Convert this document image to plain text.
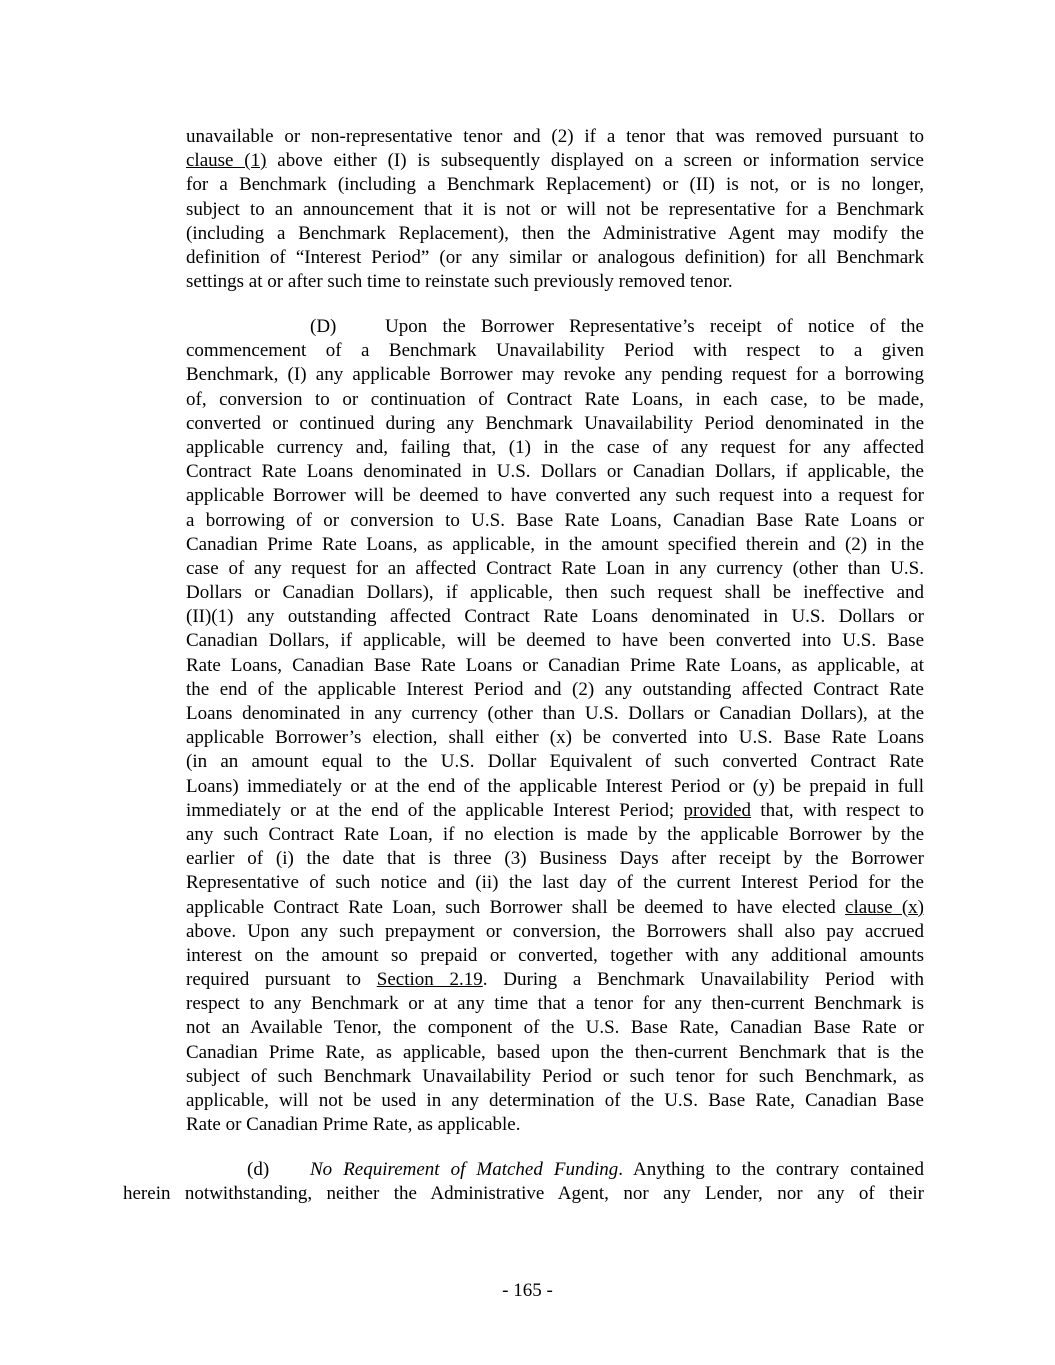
unavailable or non-representative tenor and (2) if a tenor that was removed pursuant to
clause (1) above either (I) is subsequently displayed on a screen or information service
for a Benchmark (including a Benchmark Replacement) or (II) is not, or is no longer,
subject to an announcement that it is not or will not be representative for a Benchmark
(including a Benchmark Replacement), then the Administrative Agent may modify the
definition of “Interest Period” (or any similar or analogous definition) for all Benchmark
settings at or after such time to reinstate such previously removed tenor.
(D)	Upon the Borrower Representative’s receipt of notice of the
commencement of a Benchmark Unavailability Period with respect to a given
Benchmark, (I) any applicable Borrower may revoke any pending request for a borrowing
of, conversion to or continuation of Contract Rate Loans, in each case, to be made,
converted or continued during any Benchmark Unavailability Period denominated in the
applicable currency and, failing that, (1) in the case of any request for any affected
Contract Rate Loans denominated in U.S. Dollars or Canadian Dollars, if applicable, the
applicable Borrower will be deemed to have converted any such request into a request for
a borrowing of or conversion to U.S. Base Rate Loans, Canadian Base Rate Loans or
Canadian Prime Rate Loans, as applicable, in the amount specified therein and (2) in the
case of any request for an affected Contract Rate Loan in any currency (other than U.S.
Dollars or Canadian Dollars), if applicable, then such request shall be ineffective and
(II)(1) any outstanding affected Contract Rate Loans denominated in U.S. Dollars or
Canadian Dollars, if applicable, will be deemed to have been converted into U.S. Base
Rate Loans, Canadian Base Rate Loans or Canadian Prime Rate Loans, as applicable, at
the end of the applicable Interest Period and (2) any outstanding affected Contract Rate
Loans denominated in any currency (other than U.S. Dollars or Canadian Dollars), at the
applicable Borrower’s election, shall either (x) be converted into U.S. Base Rate Loans
(in an amount equal to the U.S. Dollar Equivalent of such converted Contract Rate
Loans) immediately or at the end of the applicable Interest Period or (y) be prepaid in full
immediately or at the end of the applicable Interest Period; provided that, with respect to
any such Contract Rate Loan, if no election is made by the applicable Borrower by the
earlier of (i) the date that is three (3) Business Days after receipt by the Borrower
Representative of such notice and (ii) the last day of the current Interest Period for the
applicable Contract Rate Loan, such Borrower shall be deemed to have elected clause (x)
above. Upon any such prepayment or conversion, the Borrowers shall also pay accrued
interest on the amount so prepaid or converted, together with any additional amounts
required pursuant to Section 2.19. During a Benchmark Unavailability Period with
respect to any Benchmark or at any time that a tenor for any then-current Benchmark is
not an Available Tenor, the component of the U.S. Base Rate, Canadian Base Rate or
Canadian Prime Rate, as applicable, based upon the then-current Benchmark that is the
subject of such Benchmark Unavailability Period or such tenor for such Benchmark, as
applicable, will not be used in any determination of the U.S. Base Rate, Canadian Base
Rate or Canadian Prime Rate, as applicable.
(d)	No Requirement of Matched Funding. Anything to the contrary contained
herein notwithstanding, neither the Administrative Agent, nor any Lender, nor any of their
- 165 -
